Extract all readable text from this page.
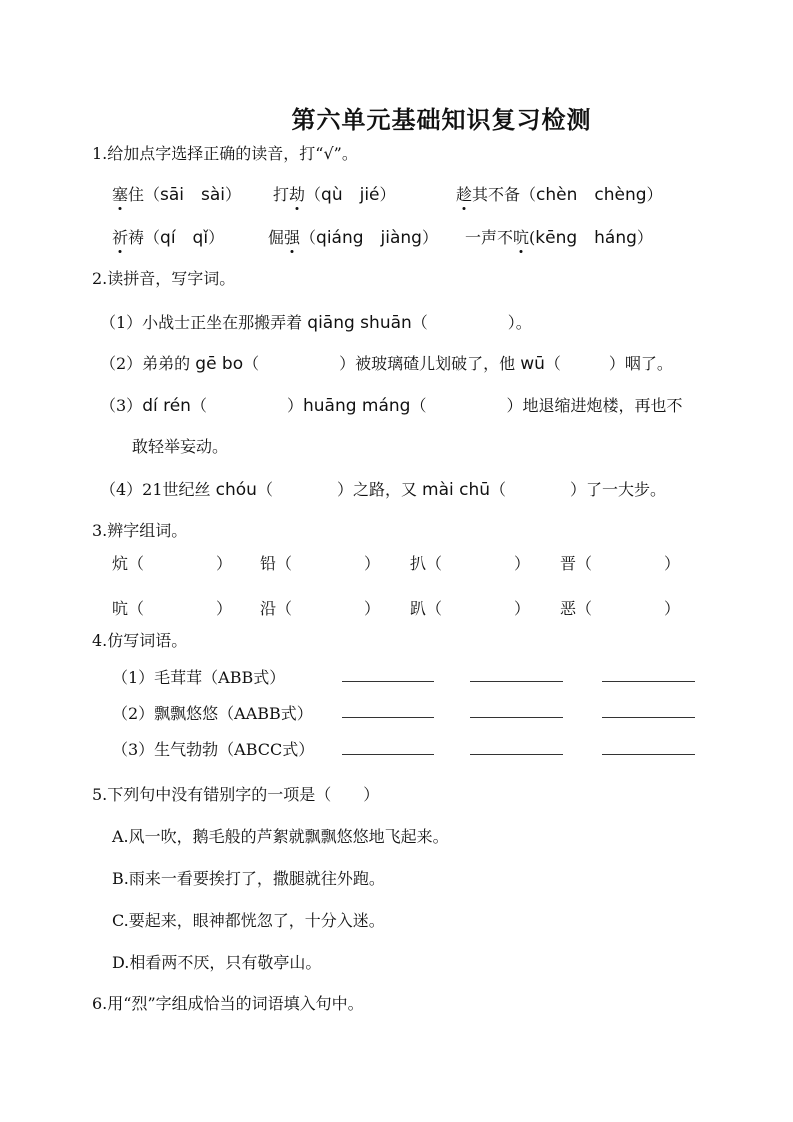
第六单元基础知识复习检测
1.给加点字选择正确的读音，打“√”。
塞住（sāi　sài） 打劫（qù　jié）	趁其不备（chèn　chèng）
祈祷（qí　qǐ）	倔强（qiáng　jiàng） 一声不吭(kēng　háng）
2.读拼音，写字词。
（1）小战士正坐在那搬弄着 qiāng shuān（　　　　　）。
（2）弟弟的 gē bo（　　　　　）被玻璃碴儿划破了，他 wū（　　　）咽了。
（3）dí rén（　　　　　）huāng máng（　　　　　）地退缩进炮楼，再也不
敢轻举妄动。
（4）21世纪丝 chóu（　　　　）之路，又 mài chū（　　　　）了一大步。
3.辨字组词。
炕（	） 铅（	） 扒（	） 晋（	）
吭（	） 沿（	） 趴（	） 恶（	）
4.仿写词语。
（1）毛茸茸（ABB式）
（2）飘飘悠悠（AABB式）
（3）生气勃勃（ABCC式）
5.下列句中没有错别字的一项是（　　）
A.风一吹，鹅毛般的芦絮就飘飘悠悠地飞起来。
B.雨来一看要挨打了，撒腿就往外跑。
C.要起来，眼神都恍忽了，十分入迷。
D.相看两不厌，只有敬亭山。
6.用“烈”字组成恰当的词语填入句中。
